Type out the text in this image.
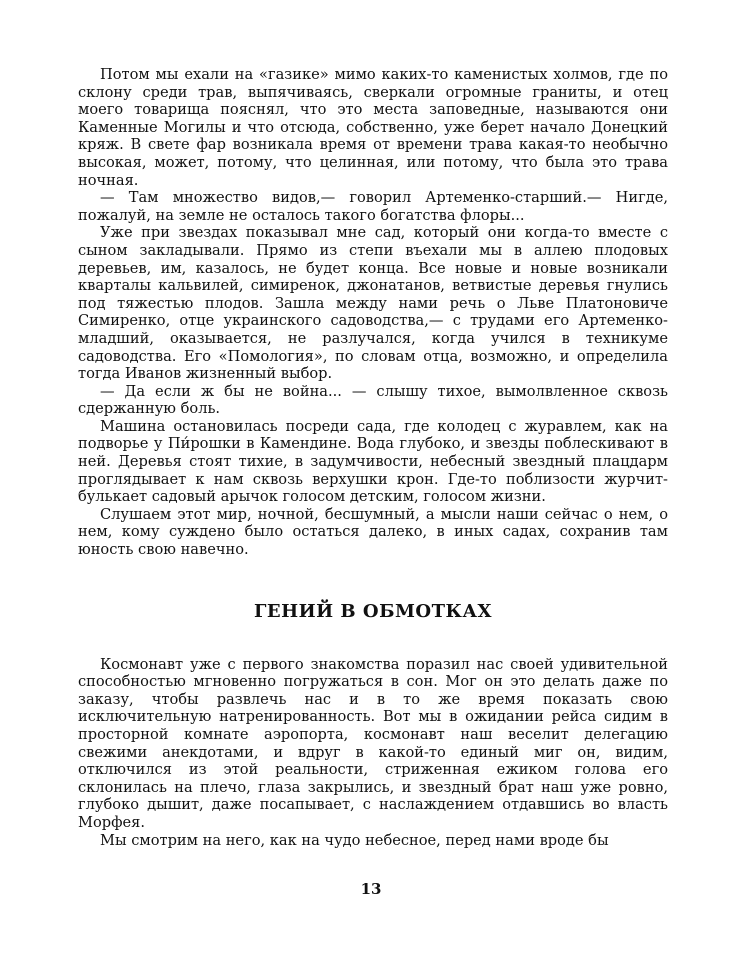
Потом мы ехали на «газике» мимо каких-то каменистых холмов, где по склону среди трав, выпячиваясь, сверкали огромные граниты, и отец моего товарища пояснял, что это места заповедные, называются они Каменные Могилы и что отсюда, собственно, уже берет начало Донецкий кряж. В свете фар возникала время от времени трава какая-то необычно высокая, может, потому, что целинная, или потому, что была это трава ночная.

— Там множество видов,— говорил Артеменко-старший.— Нигде, пожалуй, на земле не осталось такого богатства флоры...

Уже при звездах показывал мне сад, который они когда-то вместе с сыном закладывали. Прямо из степи въехали мы в аллею плодовых деревьев, им, казалось, не будет конца. Все новые и новые возникали кварталы кальвилей, симиренок, джонатанов, ветвистые деревья гнулись под тяжестью плодов. Зашла между нами речь о Льве Платоновиче Симиренко, отце украинского садоводства,— с трудами его Артеменко-младший, оказывается, не разлучался, когда учился в техникуме садоводства. Его «Помология», по словам отца, возможно, и определила тогда Иванов жизненный выбор.

— Да если ж бы не война... — слышу тихое, вымолвленное сквозь сдержанную боль.

Машина остановилась посреди сада, где колодец с журавлем, как на подворье у Пи́рошки в Камендине. Вода глубоко, и звезды поблескивают в ней. Деревья стоят тихие, в задумчивости, небесный звездный плацдарм проглядывает к нам сквозь верхушки крон. Где-то поблизости журчит-булькает садовый арычок голосом детским, голосом жизни.

Слушаем этот мир, ночной, бесшумный, а мысли наши сейчас о нем, о нем, кому суждено было остаться далеко, в иных садах, сохранив там юность свою навечно.

ГЕНИЙ В ОБМОТКАХ

Космонавт уже с первого знакомства поразил нас своей удивительной способностью мгновенно погружаться в сон. Мог он это делать даже по заказу, чтобы развлечь нас и в то же время показать свою исключительную натренированность. Вот мы в ожидании рейса сидим в просторной комнате аэропорта, космонавт наш веселит делегацию свежими анекдотами, и вдруг в какой-то единый миг он, видим, отключился из этой реальности, стриженная ежиком голова его склонилась на плечо, глаза закрылись, и звездный брат наш уже ровно, глубоко дышит, даже посапывает, с наслаждением отдавшись во власть Морфея.

Мы смотрим на него, как на чудо небесное, перед нами вроде бы

13
